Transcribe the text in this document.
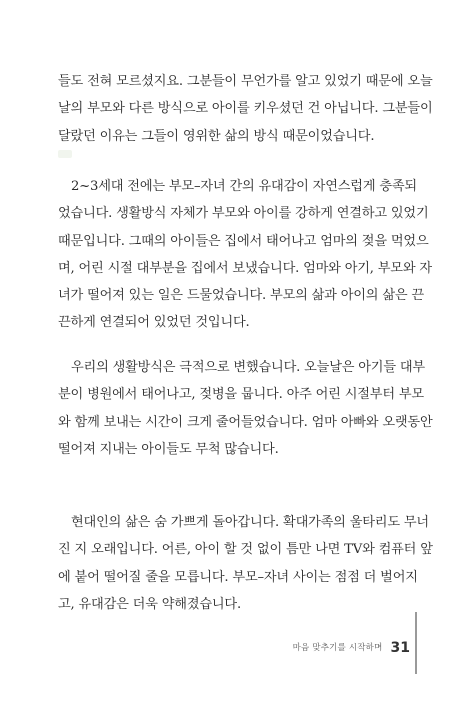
들도 전혀 모르셨지요. 그분들이 무언가를 알고 있었기 때문에 오늘
날의 부모와 다른 방식으로 아이를 키우셨던 건 아닙니다. 그분들이
달랐던 이유는 그들이 영위한 삶의 방식 때문이었습니다.
　2~3세대 전에는 부모–자녀 간의 유대감이 자연스럽게 충족되
었습니다. 생활방식 자체가 부모와 아이를 강하게 연결하고 있었기
때문입니다. 그때의 아이들은 집에서 태어나고 엄마의 젖을 먹었으
며, 어린 시절 대부분을 집에서 보냈습니다. 엄마와 아기, 부모와 자
녀가 떨어져 있는 일은 드물었습니다. 부모의 삶과 아이의 삶은 끈
끈하게 연결되어 있었던 것입니다.
　우리의 생활방식은 극적으로 변했습니다. 오늘날은 아기들 대부
분이 병원에서 태어나고, 젖병을 뭅니다. 아주 어린 시절부터 부모
와 함께 보내는 시간이 크게 줄어들었습니다. 엄마 아빠와 오랫동안
떨어져 지내는 아이들도 무척 많습니다.
　현대인의 삶은 숨 가쁘게 돌아갑니다. 확대가족의 울타리도 무너
진 지 오래입니다. 어른, 아이 할 것 없이 틈만 나면 TV와 컴퓨터 앞
에 붙어 떨어질 줄을 모릅니다. 부모–자녀 사이는 점점 더 벌어지
고, 유대감은 더욱 약해졌습니다.
마음 맞추기를 시작하며 31
